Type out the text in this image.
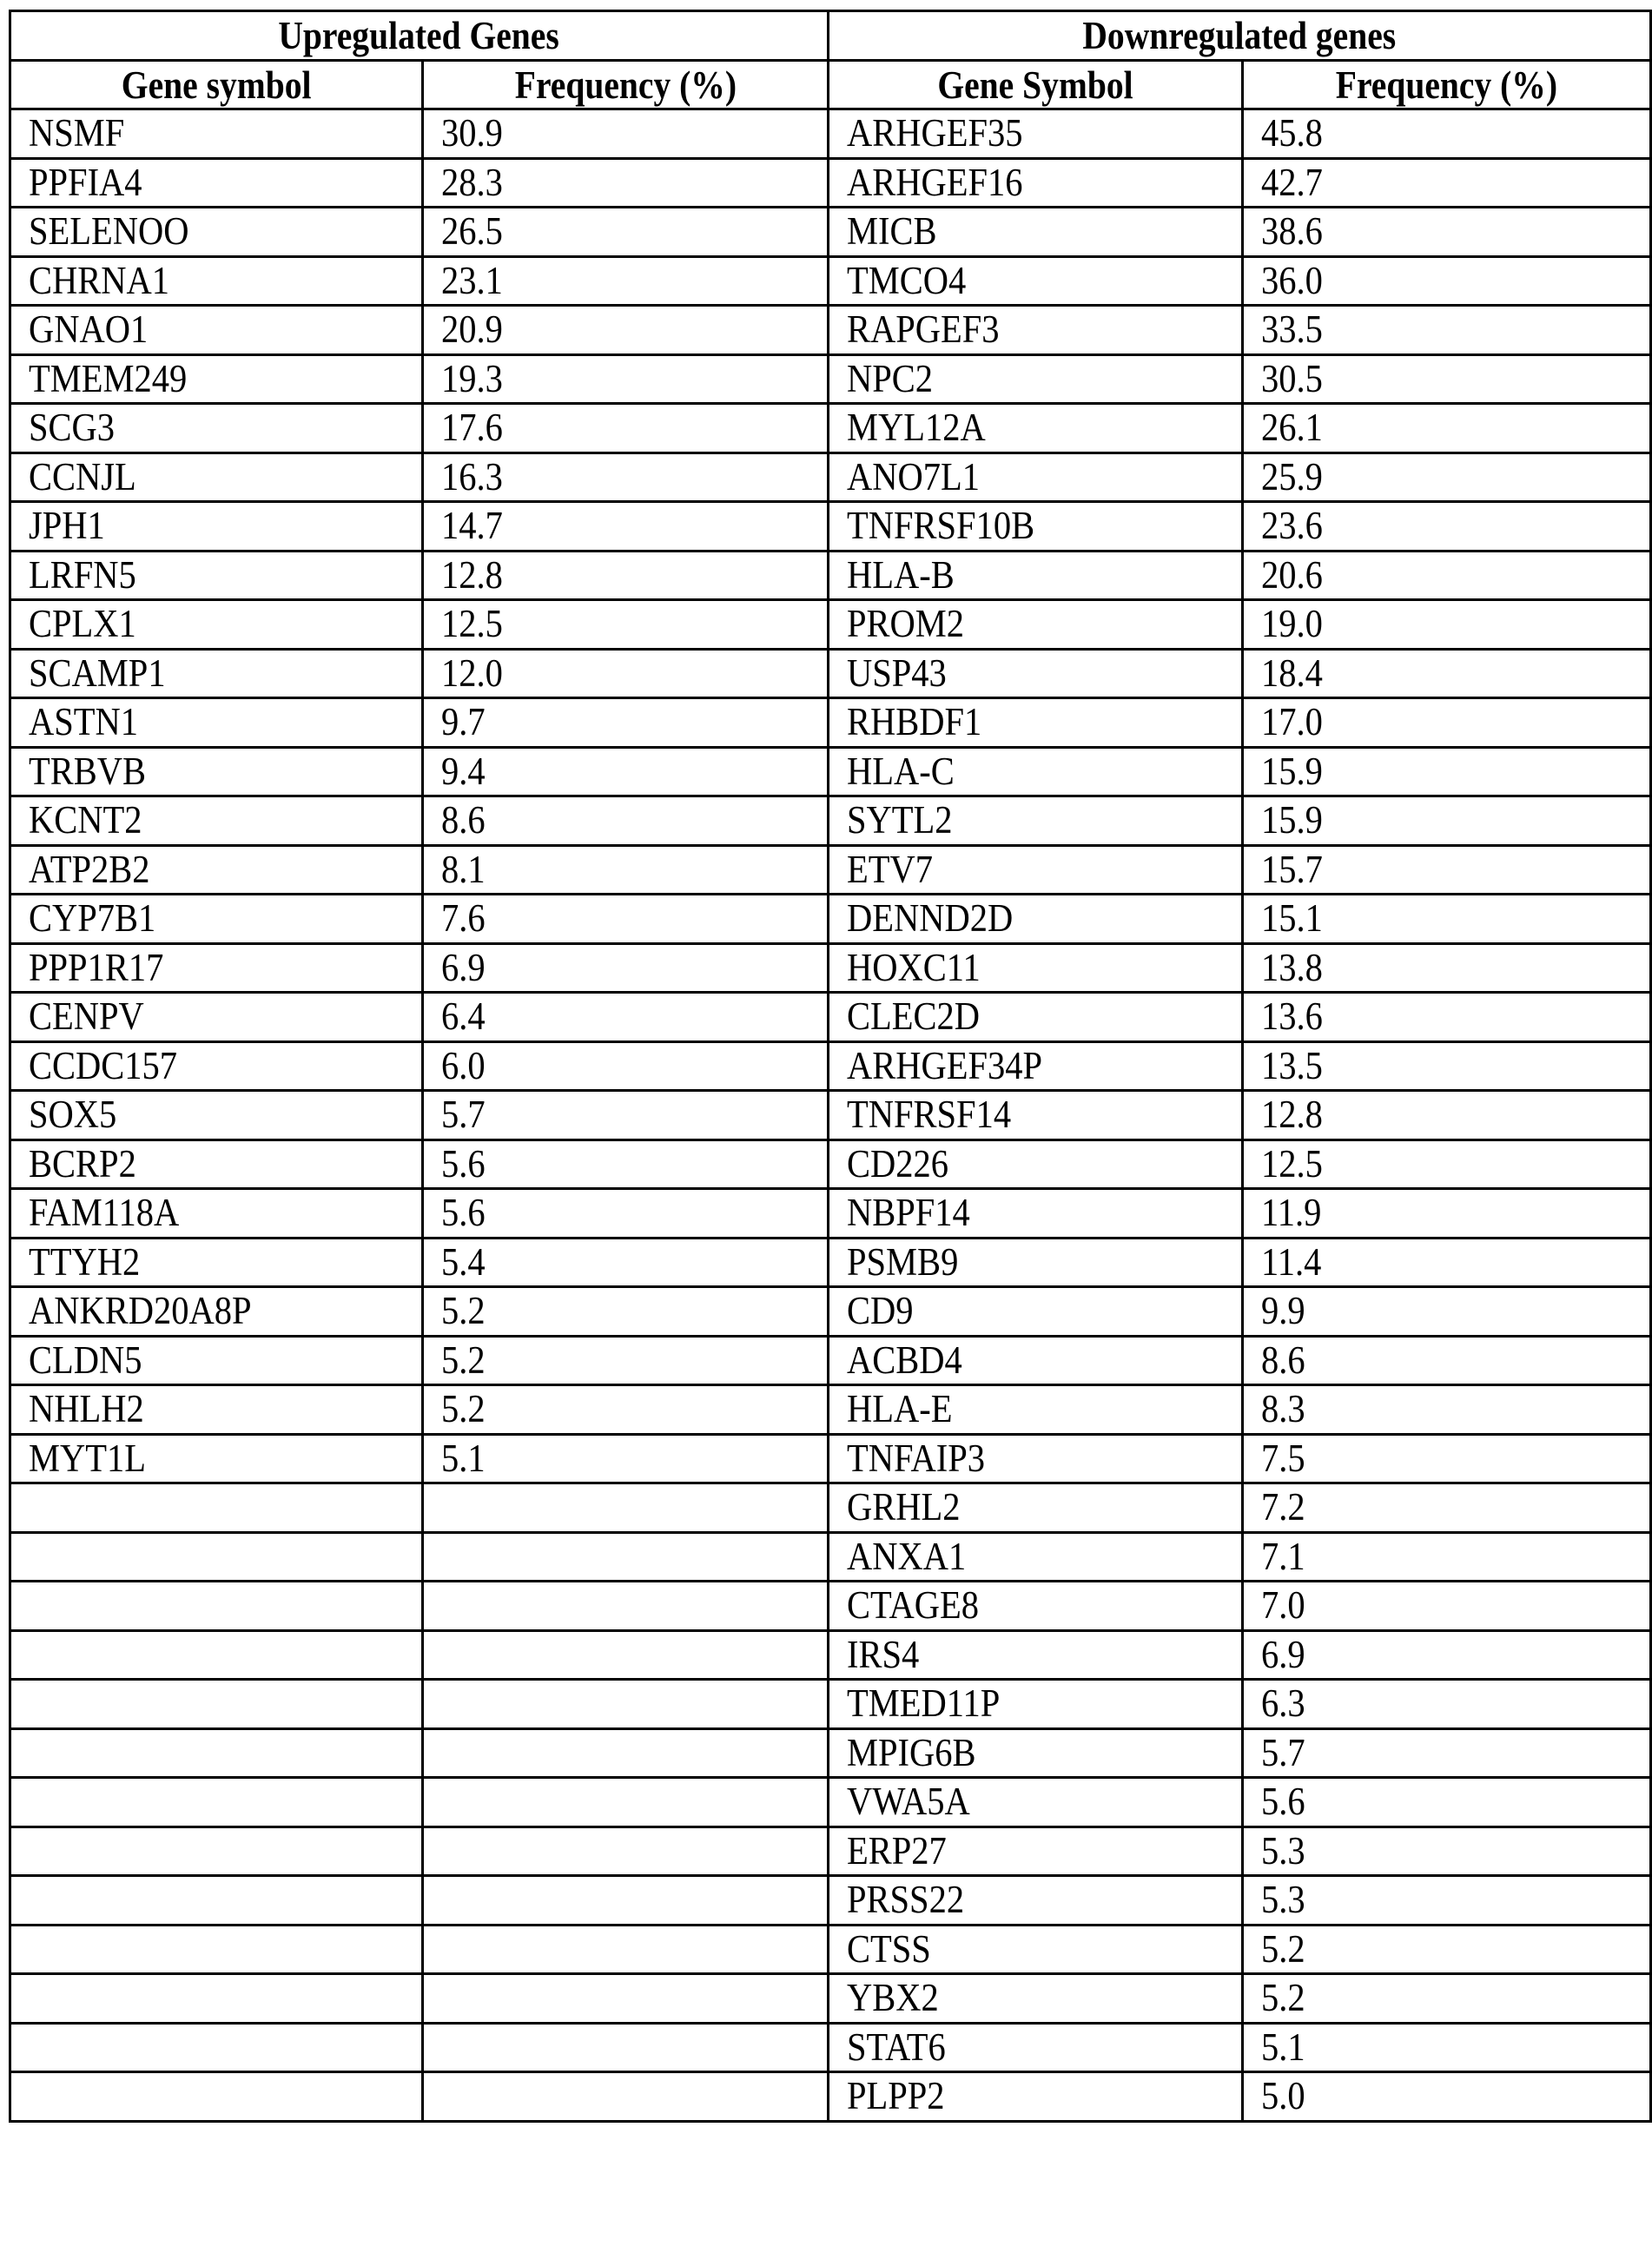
Upregulated Genes		Downregulated genes	
Gene symbol	Frequency (%)	Gene Symbol	Frequency (%)
NSMF	30.9	ARHGEF35	45.8
PPFIA4	28.3	ARHGEF16	42.7
SELENOO	26.5	MICB	38.6
CHRNA1	23.1	TMCO4	36.0
GNAO1	20.9	RAPGEF3	33.5
TMEM249	19.3	NPC2	30.5
SCG3	17.6	MYL12A	26.1
CCNJL	16.3	ANO7L1	25.9
JPH1	14.7	TNFRSF10B	23.6
LRFN5	12.8	HLA-B	20.6
CPLX1	12.5	PROM2	19.0
SCAMP1	12.0	USP43	18.4
ASTN1	9.7	RHBDF1	17.0
TRBVB	9.4	HLA-C	15.9
KCNT2	8.6	SYTL2	15.9
ATP2B2	8.1	ETV7	15.7
CYP7B1	7.6	DENND2D	15.1
PPP1R17	6.9	HOXC11	13.8
CENPV	6.4	CLEC2D	13.6
CCDC157	6.0	ARHGEF34P	13.5
SOX5	5.7	TNFRSF14	12.8
BCRP2	5.6	CD226	12.5
FAM118A	5.6	NBPF14	11.9
TTYH2	5.4	PSMB9	11.4
ANKRD20A8P	5.2	CD9	9.9
CLDN5	5.2	ACBD4	8.6
NHLH2	5.2	HLA-E	8.3
MYT1L	5.1	TNFAIP3	7.5
		GRHL2	7.2
		ANXA1	7.1
		CTAGE8	7.0
		IRS4	6.9
		TMED11P	6.3
		MPIG6B	5.7
		VWA5A	5.6
		ERP27	5.3
		PRSS22	5.3
		CTSS	5.2
		YBX2	5.2
		STAT6	5.1
		PLPP2	5.0
